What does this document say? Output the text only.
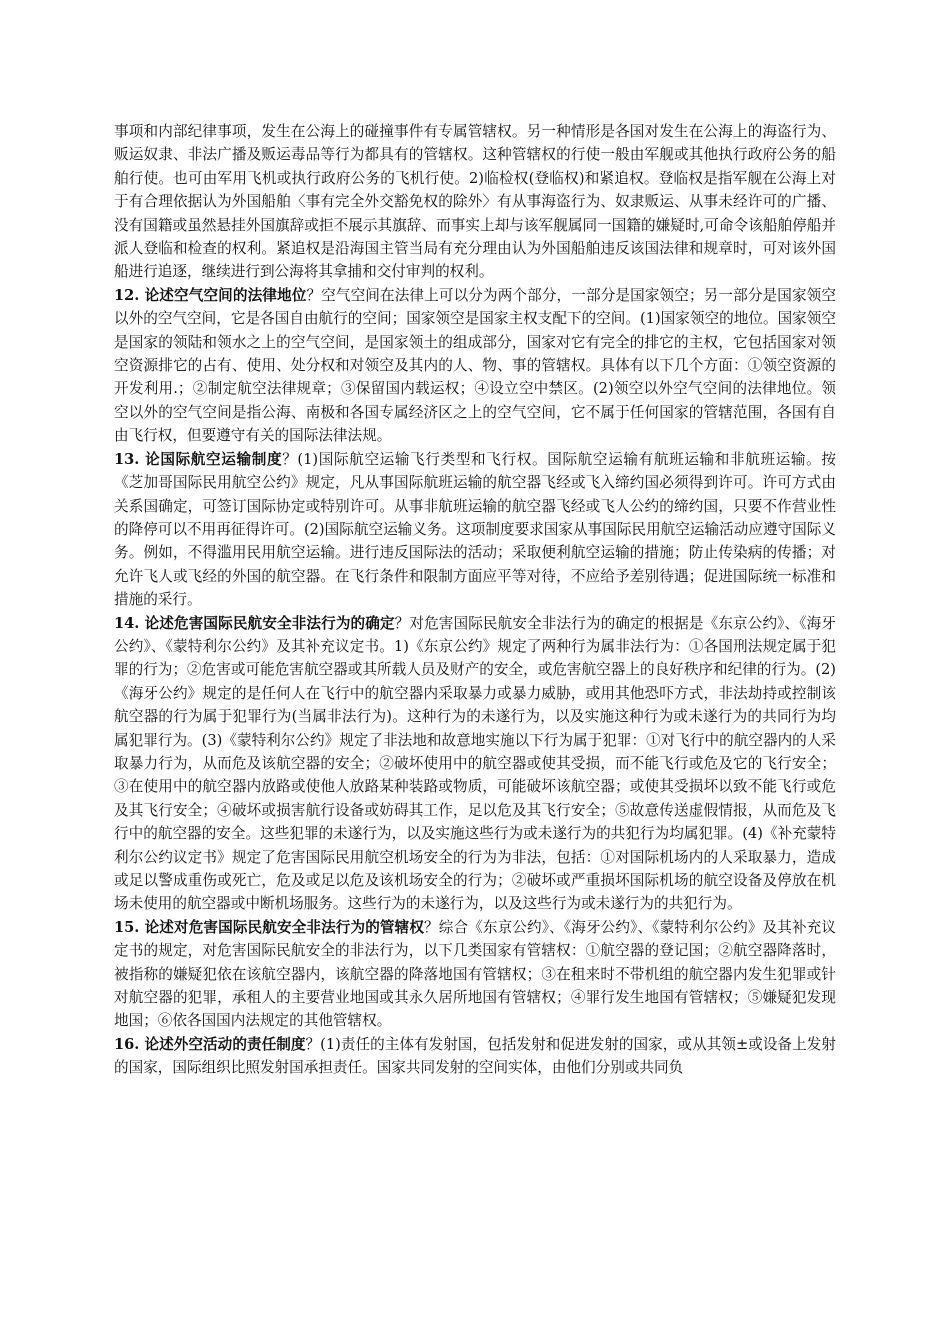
事项和内部纪律事项，发生在公海上的碰撞事件有专属管辖权。另一种情形是各国对发生在公海上的海盗行为、贩运奴隶、非法广播及贩运毒品等行为都具有的管辖权。这种管辖权的行使一般由军舰或其他执行政府公务的船舶行使。也可由军用飞机或执行政府公务的飞机行使。2)临检权(登临权)和紧追权。登临权是指军舰在公海上对于有合理依据认为外国船舶〈事有完全外交豁免权的除外〉有从事海盗行为、奴隶贩运、从事未经许可的广播、没有国籍或虽然悬挂外国旗辞或拒不展示其旗辞、而事实上却与该军舰属同一国籍的嫌疑时,可命令该船舶停船并派人登临和检查的权利。紧追权是沿海国主管当局有充分理由认为外国船舶违反该国法律和规章时，可对该外国船进行追逐，继续进行到公海将其拿捕和交付审判的权利。

12. 论述空气空间的法律地位？空气空间在法律上可以分为两个部分，一部分是国家领空；另一部分是国家领空以外的空气空间，它是各国自由航行的空间；国家领空是国家主权支配下的空间。(1)国家领空的地位。国家领空是国家的领陆和领水之上的空气空间，是国家领土的组成部分，国家对它有完全的排它的主权，它包括国家对领空资源排它的占有、使用、处分权和对领空及其内的人、物、事的管辖权。具体有以下几个方面：①领空资源的开发利用.；②制定航空法律规章；③保留国内载运权；④设立空中禁区。(2)领空以外空气空间的法律地位。领空以外的空气空间是指公海、南极和各国专属经济区之上的空气空间，它不属于任何国家的管辖范围，各国有自由飞行权，但要遵守有关的国际法律法规。

13. 论国际航空运输制度？(1)国际航空运输飞行类型和飞行权。国际航空运输有航班运输和非航班运输。按《芝加哥国际民用航空公约》规定，凡从事国际航班运输的航空器飞经或飞入缔约国必须得到许可。许可方式由关系国确定，可签订国际协定或特别许可。从事非航班运输的航空器飞经或飞人公约的缔约国，只要不作营业性的降停可以不用再征得许可。(2)国际航空运输义务。这项制度要求国家从事国际民用航空运输活动应遵守国际义务。例如，不得滥用民用航空运输。进行违反国际法的活动；采取便利航空运输的措施；防止传染病的传播；对允许飞人或飞经的外国的航空器。在飞行条件和限制方面应平等对待，不应给予差别待遇；促进国际统一标准和措施的采行。

14. 论述危害国际民航安全非法行为的确定？对危害国际民航安全非法行为的确定的根据是《东京公约》、《海牙公约》、《蒙特利尔公约》及其补充议定书。1)《东京公约》规定了两种行为属非法行为：①各国刑法规定属于犯罪的行为；②危害或可能危害航空器或其所载人员及财产的安全，或危害航空器上的良好秩序和纪律的行为。(2)《海牙公约》规定的是任何人在飞行中的航空器内采取暴力或暴力威胁，或用其他恐吓方式，非法劫持或控制该航空器的行为属于犯罪行为(当属非法行为)。这种行为的未遂行为，以及实施这种行为或未遂行为的共同行为均属犯罪行为。(3)《蒙特利尔公约》规定了非法地和故意地实施以下行为属于犯罪：①对飞行中的航空器内的人采取暴力行为，从而危及该航空器的安全；②破坏使用中的航空器或使其受损，而不能飞行或危及它的飞行安全；③在使用中的航空器内放路或使他人放路某种装路或物质，可能破坏该航空器；或使其受损坏以致不能飞行或危及其飞行安全；④破坏或损害航行设备或妨碍其工作，足以危及其飞行安全；⑤故意传送虚假情报，从而危及飞行中的航空器的安全。这些犯罪的未遂行为，以及实施这些行为或未遂行为的共犯行为均属犯罪。(4)《补充蒙特利尔公约议定书》规定了危害国际民用航空机场安全的行为为非法，包括：①对国际机场内的人采取暴力，造成或足以警成重伤或死亡，危及或足以危及该机场安全的行为；②破坏或严重损坏国际机场的航空设备及停放在机场未使用的航空器或中断机场服务。这些行为的未遂行为，以及这些行为或未遂行为的共犯行为。

15. 论述对危害国际民航安全非法行为的管辖权？综合《东京公约》、《海牙公约》、《蒙特利尔公约》及其补充议定书的规定，对危害国际民航安全的非法行为，以下几类国家有管辖权：①航空器的登记国；②航空器降落时，被指称的嫌疑犯依在该航空器内，该航空器的降落地国有管辖权；③在租来时不带机组的航空器内发生犯罪或针对航空器的犯罪，承租人的主要营业地国或其永久居所地国有管辖权；④罪行发生地国有管辖权；⑤嫌疑犯发现地国；⑥依各国国内法规定的其他管辖权。

16. 论述外空活动的责任制度？(1)责任的主体有发射国，包括发射和促进发射的国家，或从其领±或设备上发射的国家，国际组织比照发射国承担责任。国家共同发射的空间实体，由他们分别或共同负
